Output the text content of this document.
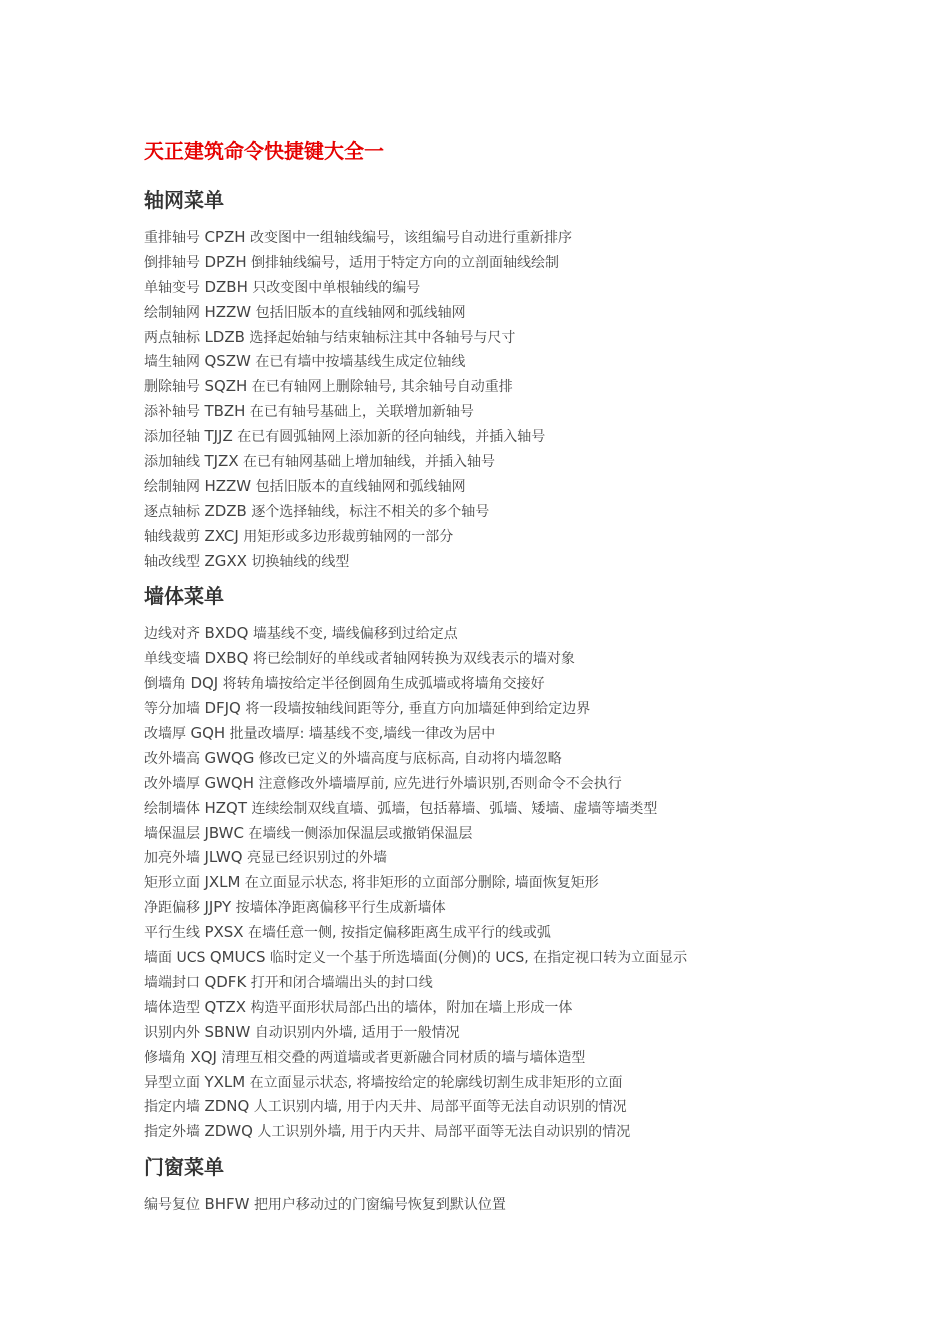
天正建筑命令快捷键大全一
轴网菜单
重排轴号 CPZH 改变图中一组轴线编号，该组编号自动进行重新排序
倒排轴号 DPZH 倒排轴线编号，适用于特定方向的立剖面轴线绘制
单轴变号 DZBH 只改变图中单根轴线的编号
绘制轴网 HZZW 包括旧版本的直线轴网和弧线轴网
两点轴标 LDZB 选择起始轴与结束轴标注其中各轴号与尺寸
墙生轴网 QSZW 在已有墙中按墙基线生成定位轴线
删除轴号 SQZH 在已有轴网上删除轴号, 其余轴号自动重排
添补轴号 TBZH 在已有轴号基础上，关联增加新轴号
添加径轴 TJJZ 在已有圆弧轴网上添加新的径向轴线，并插入轴号
添加轴线 TJZX 在已有轴网基础上增加轴线，并插入轴号
绘制轴网 HZZW 包括旧版本的直线轴网和弧线轴网
逐点轴标 ZDZB 逐个选择轴线，标注不相关的多个轴号
轴线裁剪 ZXCJ 用矩形或多边形裁剪轴网的一部分
轴改线型 ZGXX 切换轴线的线型
墙体菜单
边线对齐 BXDQ 墙基线不变, 墙线偏移到过给定点
单线变墙 DXBQ 将已绘制好的单线或者轴网转换为双线表示的墙对象
倒墙角 DQJ 将转角墙按给定半径倒圆角生成弧墙或将墙角交接好
等分加墙 DFJQ 将一段墙按轴线间距等分, 垂直方向加墙延伸到给定边界
改墙厚 GQH 批量改墙厚: 墙基线不变,墙线一律改为居中
改外墙高 GWQG 修改已定义的外墙高度与底标高, 自动将内墙忽略
改外墙厚 GWQH 注意修改外墙墙厚前, 应先进行外墙识别,否则命令不会执行
绘制墙体 HZQT 连续绘制双线直墙、弧墙，包括幕墙、弧墙、矮墙、虚墙等墙类型
墙保温层 JBWC 在墙线一侧添加保温层或撤销保温层
加亮外墙 JLWQ 亮显已经识别过的外墙
矩形立面 JXLM 在立面显示状态, 将非矩形的立面部分删除, 墙面恢复矩形
净距偏移 JJPY 按墙体净距离偏移平行生成新墙体
平行生线 PXSX 在墙任意一侧, 按指定偏移距离生成平行的线或弧
墙面 UCS QMUCS 临时定义一个基于所选墙面(分侧)的 UCS, 在指定视口转为立面显示
墙端封口 QDFK 打开和闭合墙端出头的封口线
墙体造型 QTZX 构造平面形状局部凸出的墙体，附加在墙上形成一体
识别内外 SBNW 自动识别内外墙, 适用于一般情况
修墙角 XQJ 清理互相交叠的两道墙或者更新融合同材质的墙与墙体造型
异型立面 YXLM 在立面显示状态, 将墙按给定的轮廓线切割生成非矩形的立面
指定内墙 ZDNQ 人工识别内墙, 用于内天井、局部平面等无法自动识别的情况
指定外墙 ZDWQ 人工识别外墙, 用于内天井、局部平面等无法自动识别的情况
门窗菜单
编号复位 BHFW 把用户移动过的门窗编号恢复到默认位置
